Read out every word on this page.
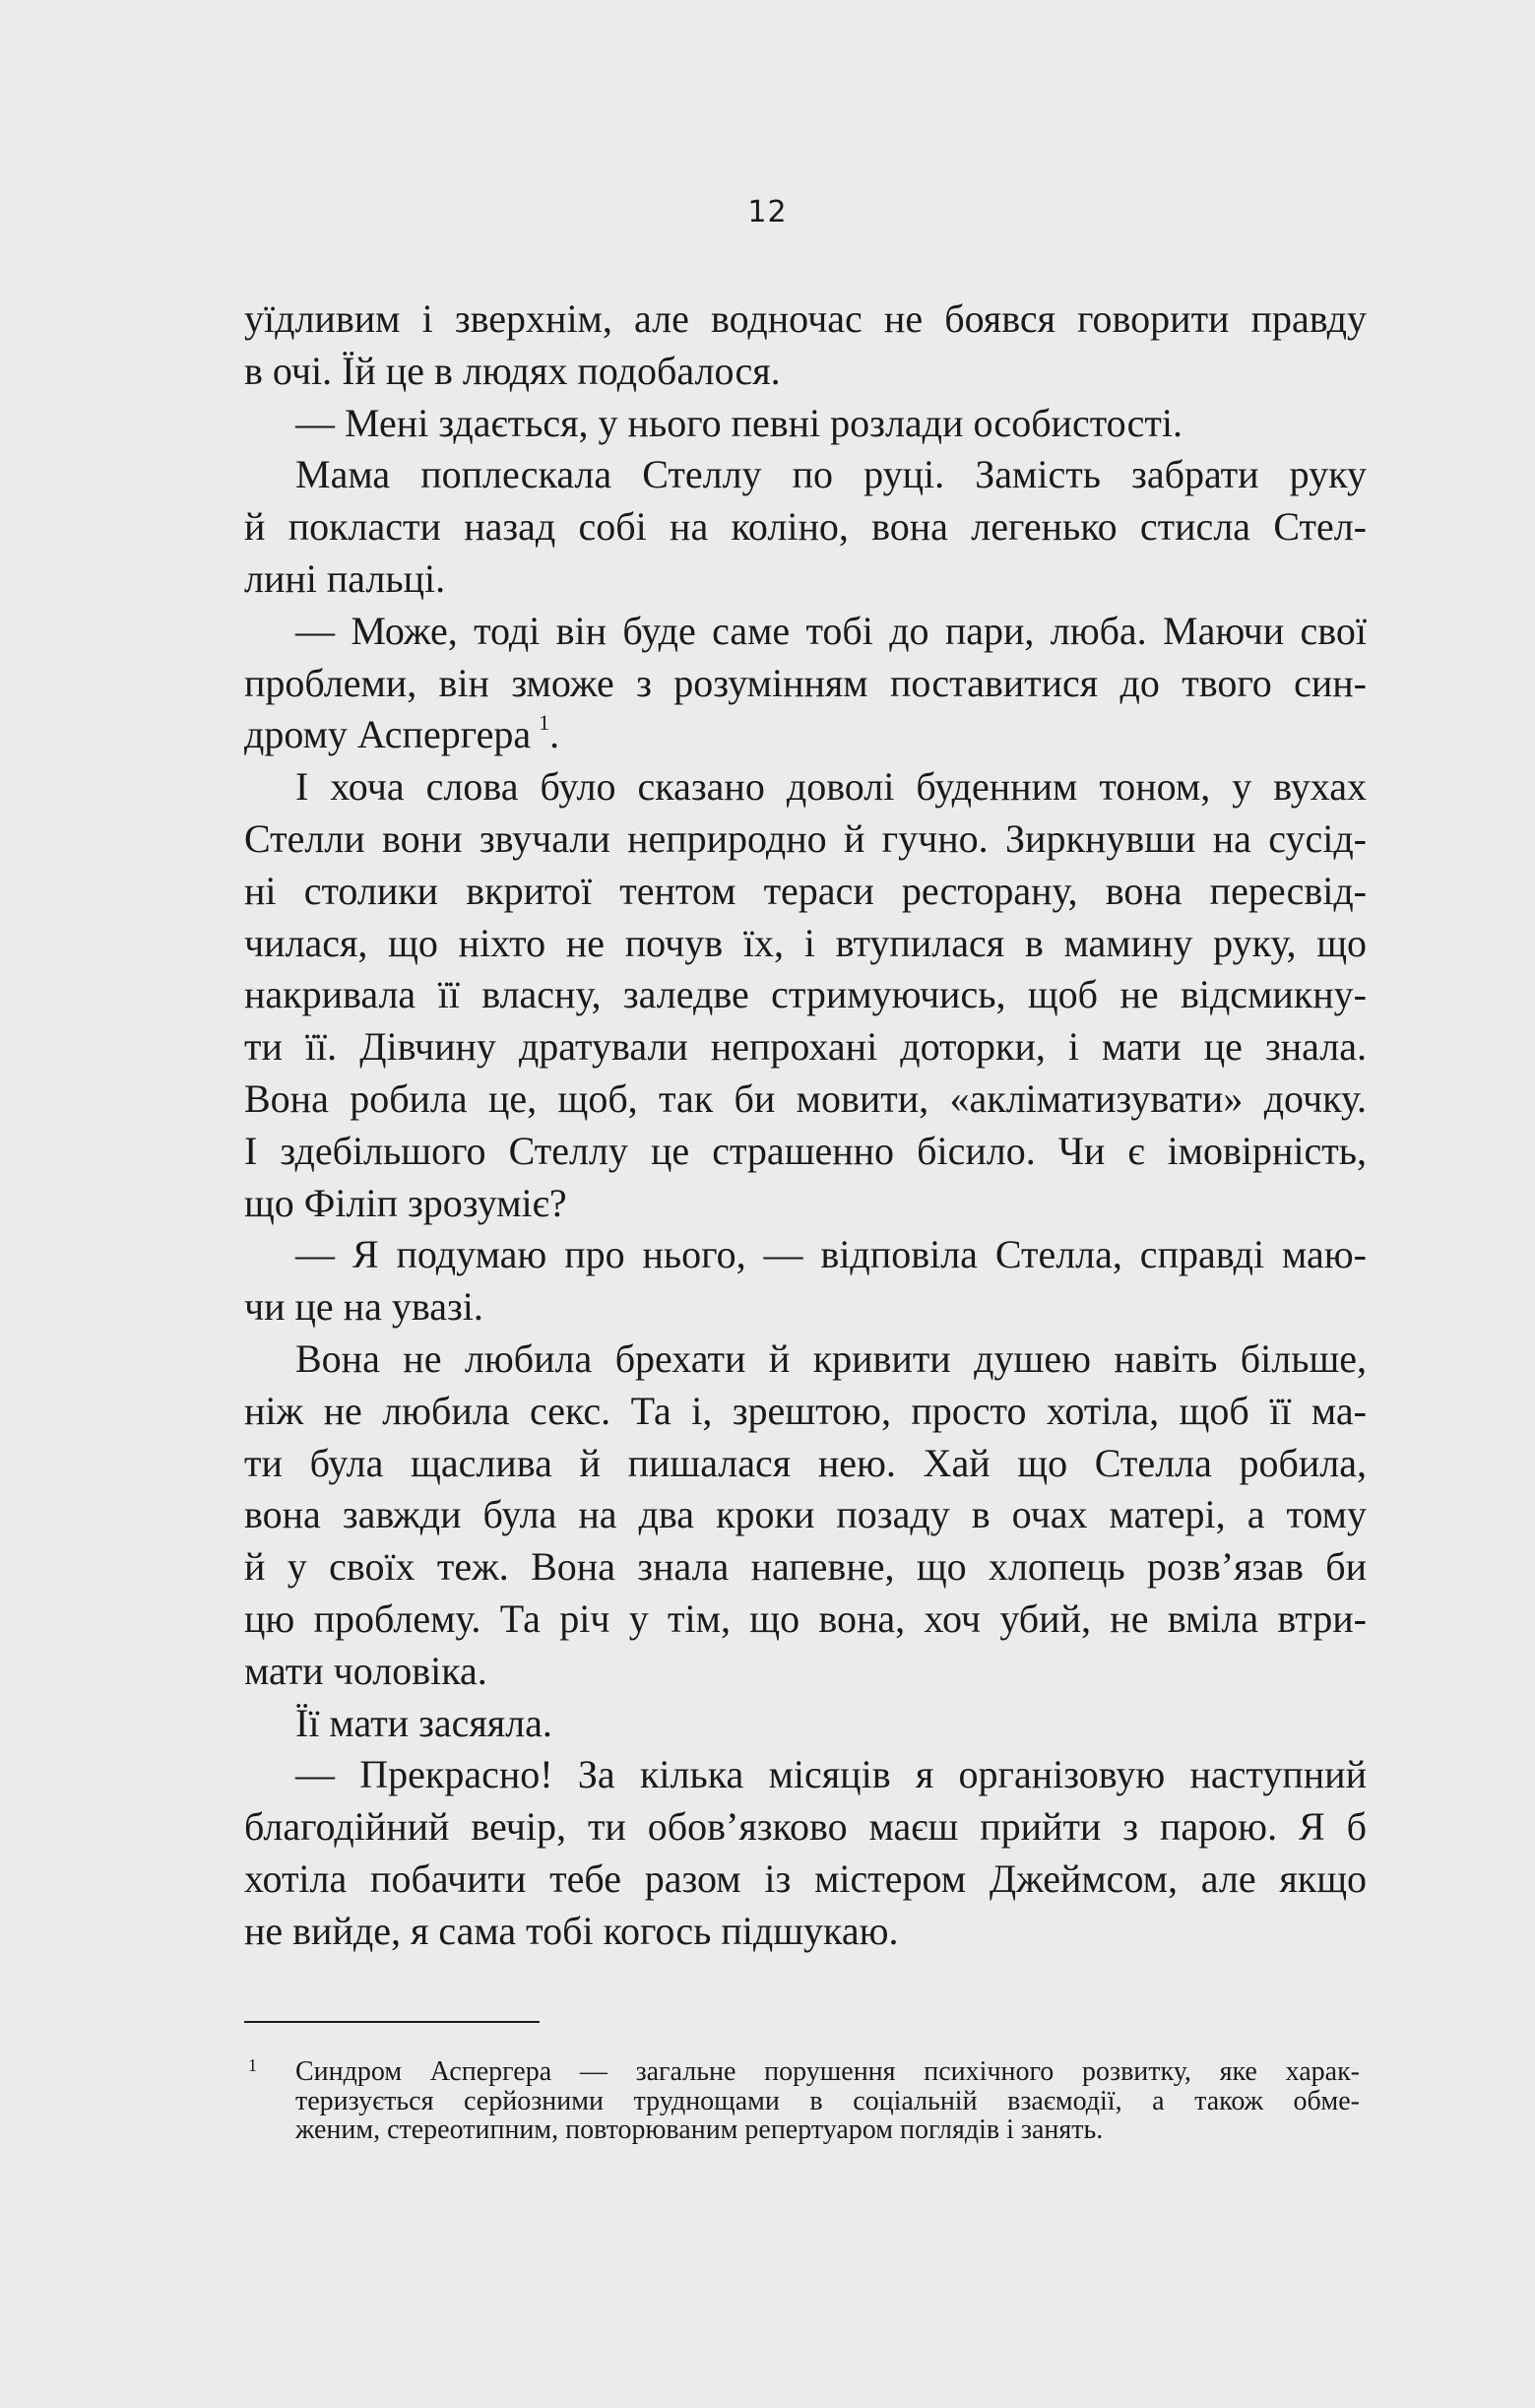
12
уїдливим і зверхнім, але водночас не боявся говорити правду
в очі. Їй це в людях подобалося.
— Мені здається, у нього певні розлади особистості.
Мама поплескала Стеллу по руці. Замість забрати руку
й покласти назад собі на коліно, вона легенько стисла Стел-
лині пальці.
— Може, тоді він буде саме тобі до пари, люба. Маючи свої
проблеми, він зможе з розумінням поставитися до твого син-
дрому Аспергера  $^1$.
І хоча слова було сказано доволі буденним тоном, у вухах
Стелли вони звучали неприродно й гучно. Зиркнувши на сусід-
ні столики вкритої тентом тераси ресторану, вона пересвід-
чилася, що ніхто не почув їх, і втупилася в мамину руку, що
накривала її власну, заледве стримуючись, щоб не відсмикну-
ти її. Дівчину дратували непрохані доторки, і мати це знала.
Вона робила це, щоб, так би мовити, «акліматизувати» дочку.
І здебільшого Стеллу це страшенно бісило. Чи є імовірність,
що Філіп зрозуміє?
— Я подумаю про нього, — відповіла Стелла, справді маю-
чи це на увазі.
Вона не любила брехати й кривити душею навіть більше,
ніж не любила секс. Та і, зрештою, просто хотіла, щоб її ма-
ти була щаслива й пишалася нею. Хай що Стелла робила,
вона завжди була на два кроки позаду в очах матері, а тому
й у своїх теж. Вона знала напевне, що хлопець розв’язав би
цю проблему. Та річ у тім, що вона, хоч убий, не вміла втри-
мати чоловіка.
Її мати засяяла.
— Прекрасно! За кілька місяців я організовую наступний
благодійний вечір, ти обов’язково маєш прийти з парою. Я б
хотіла побачити тебе разом із містером Джеймсом, але якщо
не вийде, я сама тобі когось підшукаю.
1 Синдром Аспергера — загальне порушення психічного розвитку, яке харак-
теризується серйозними труднощами в соціальній взаємодії, а також обме-
женим, стереотипним, повторюваним репертуаром поглядів і занять.
